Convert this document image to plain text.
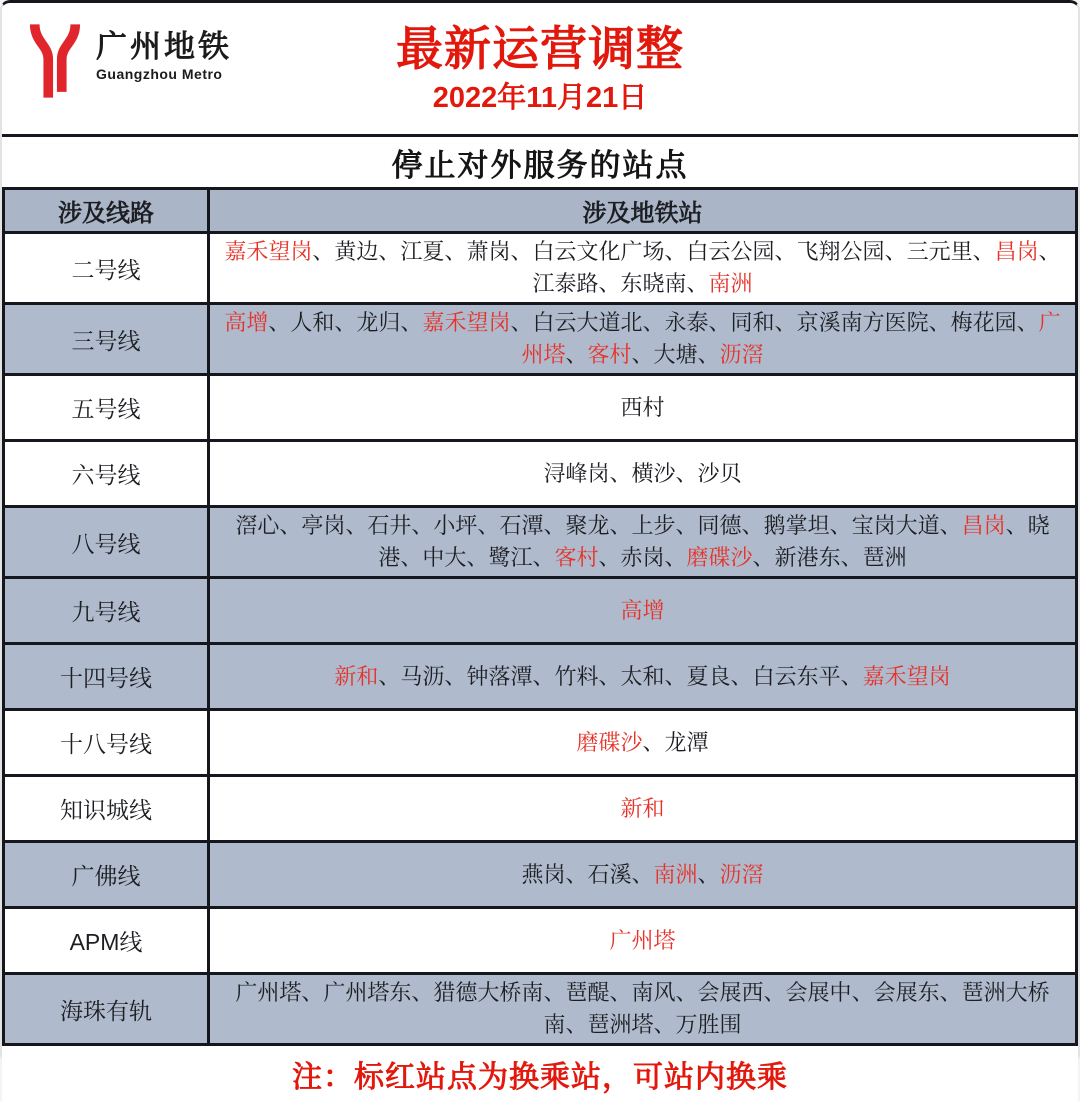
广州地铁
Guangzhou Metro	最新运营调整
2022年11月21日
停止对外服务的站点
涉及线路	涉及地铁站
二号线	嘉禾望岗、黄边、江夏、萧岗、白云文化广场、白云公园、飞翔公园、三元里、昌岗、江泰路、东晓南、南洲
三号线	高增、人和、龙归、嘉禾望岗、白云大道北、永泰、同和、京溪南方医院、梅花园、广州塔、客村、大塘、沥滘
五号线	西村
六号线	浔峰岗、横沙、沙贝
八号线	滘心、亭岗、石井、小坪、石潭、聚龙、上步、同德、鹅掌坦、宝岗大道、昌岗、晓港、中大、鹭江、客村、赤岗、磨碟沙、新港东、琶洲
九号线	高增
十四号线	新和、马沥、钟落潭、竹料、太和、夏良、白云东平、嘉禾望岗
十八号线	磨碟沙、龙潭
知识城线	新和
广佛线	燕岗、石溪、南洲、沥滘
APM线	广州塔
海珠有轨	广州塔、广州塔东、猎德大桥南、琶醍、南风、会展西、会展中、会展东、琶洲大桥南、琶洲塔、万胜围
注：标红站点为换乘站，可站内换乘
